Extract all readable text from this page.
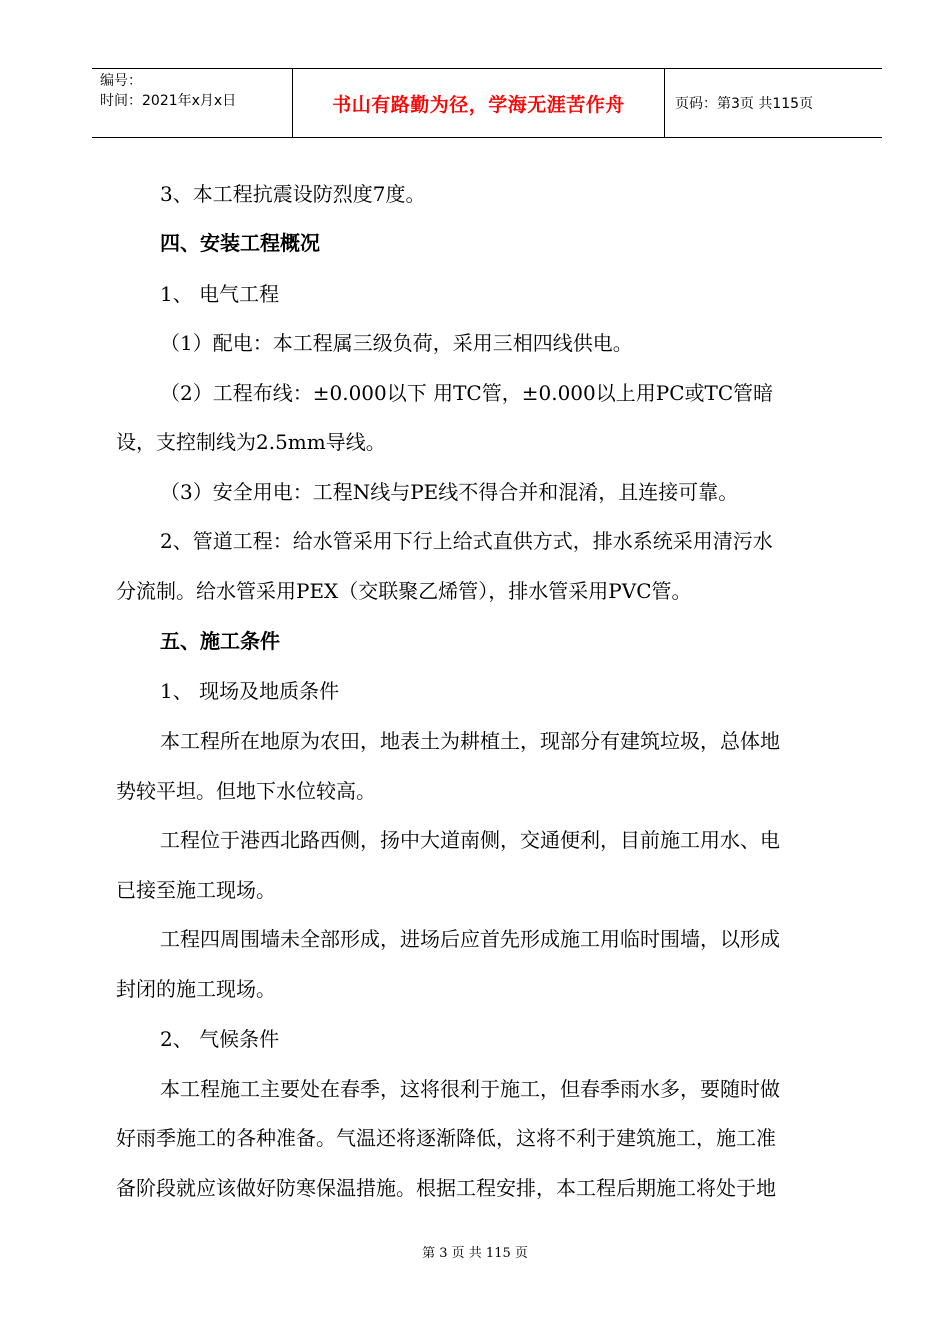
编号：
时间：2021年x月x日	书山有路勤为径，学海无涯苦作舟	页码：第3页 共115页
3、本工程抗震设防烈度7度。
四、安装工程概况
1、 电气工程
（1）配电：本工程属三级负荷，采用三相四线供电。
（2）工程布线：±0.000以下 用TC管，±0.000以上用PC或TC管暗
设，支控制线为2.5mm导线。
（3）安全用电：工程N线与PE线不得合并和混淆，且连接可靠。
2、管道工程：给水管采用下行上给式直供方式，排水系统采用清污水
分流制。给水管采用PEX（交联聚乙烯管），排水管采用PVC管。
五、施工条件
1、 现场及地质条件
本工程所在地原为农田，地表土为耕植土，现部分有建筑垃圾，总体地
势较平坦。但地下水位较高。
工程位于港西北路西侧，扬中大道南侧，交通便利，目前施工用水、电
已接至施工现场。
工程四周围墙未全部形成，进场后应首先形成施工用临时围墙，以形成
封闭的施工现场。
2、 气候条件
本工程施工主要处在春季，这将很利于施工，但春季雨水多，要随时做
好雨季施工的各种准备。气温还将逐渐降低，这将不利于建筑施工，施工准
备阶段就应该做好防寒保温措施。根据工程安排，本工程后期施工将处于地
第 3 页 共 115 页
